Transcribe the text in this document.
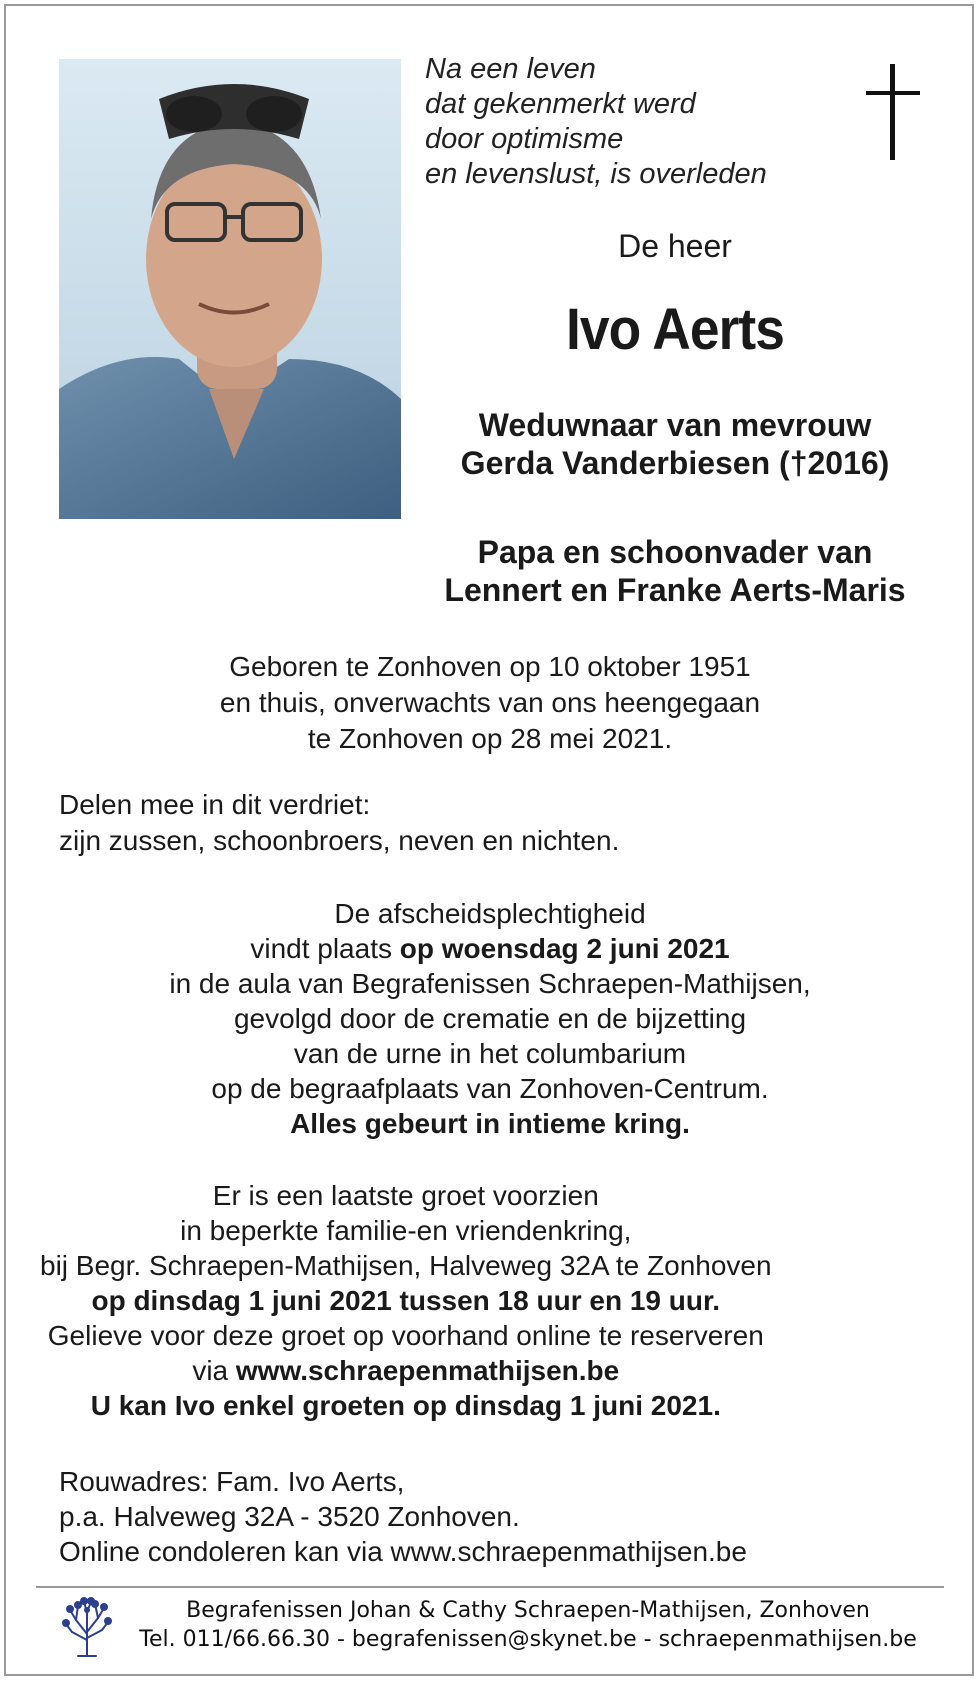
Na een leven
dat gekenmerkt werd
door optimisme
en levenslust, is overleden
De heer
Ivo Aerts
Weduwnaar van mevrouw
Gerda Vanderbiesen (†2016)
Papa en schoonvader van
Lennert en Franke Aerts-Maris
Geboren te Zonhoven op 10 oktober 1951
en thuis, onverwachts van ons heengegaan
te Zonhoven op 28 mei 2021.
Delen mee in dit verdriet:
zijn zussen, schoonbroers, neven en nichten.
De afscheidsplechtigheid
vindt plaats op woensdag 2 juni 2021
in de aula van Begrafenissen Schraepen-Mathijsen,
gevolgd door de crematie en de bijzetting
van de urne in het columbarium
op de begraafplaats van Zonhoven-Centrum.
Alles gebeurt in intieme kring.
Er is een laatste groet voorzien
in beperkte familie-en vriendenkring,
bij Begr. Schraepen-Mathijsen, Halveweg 32A te Zonhoven
op dinsdag 1 juni 2021 tussen 18 uur en 19 uur.
Gelieve voor deze groet op voorhand online te reserveren
via www.schraepenmathijsen.be
U kan Ivo enkel groeten op dinsdag 1 juni 2021.
Rouwadres: Fam. Ivo Aerts,
p.a. Halveweg 32A - 3520 Zonhoven.
Online condoleren kan via www.schraepenmathijsen.be
Begrafenissen Johan & Cathy Schraepen-Mathijsen, Zonhoven
Tel. 011/66.66.30 - begrafenissen@skynet.be - schraepenmathijsen.be
